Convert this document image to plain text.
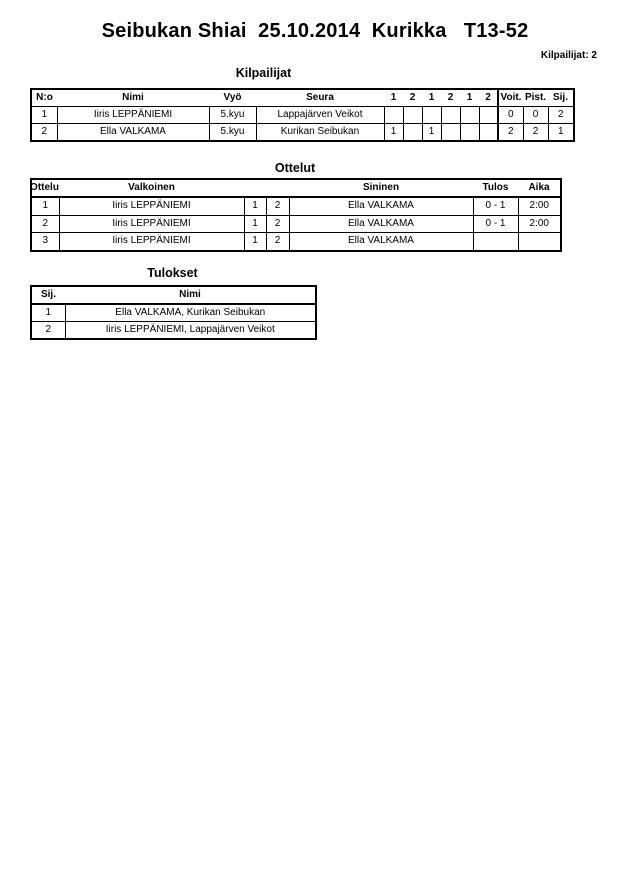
Seibukan Shiai  25.10.2014  Kurikka   T13-52
Kilpailijat: 2
Kilpailijat
N:o	Nimi	Vyö	Seura	1	2	1	2	1	2	Voit.	Pist.	Sij.
1	Iiris LEPPÄNIEMI	5.kyu	Lappajärven Veikot							0	0	2
2	Ella VALKAMA	5.kyu	Kurikan Seibukan	1		1				2	2	1
Ottelut
Ottelu	Valkoinen			Sininen	Tulos	Aika
1	Iiris LEPPÄNIEMI	1	2	Ella VALKAMA	0 - 1	2:00
2	Iiris LEPPÄNIEMI	1	2	Ella VALKAMA	0 - 1	2:00
3	Iiris LEPPÄNIEMI	1	2	Ella VALKAMA		
Tulokset
Sij.	Nimi
1	Ella VALKAMA, Kurikan Seibukan
2	Iiris LEPPÄNIEMI, Lappajärven Veikot
